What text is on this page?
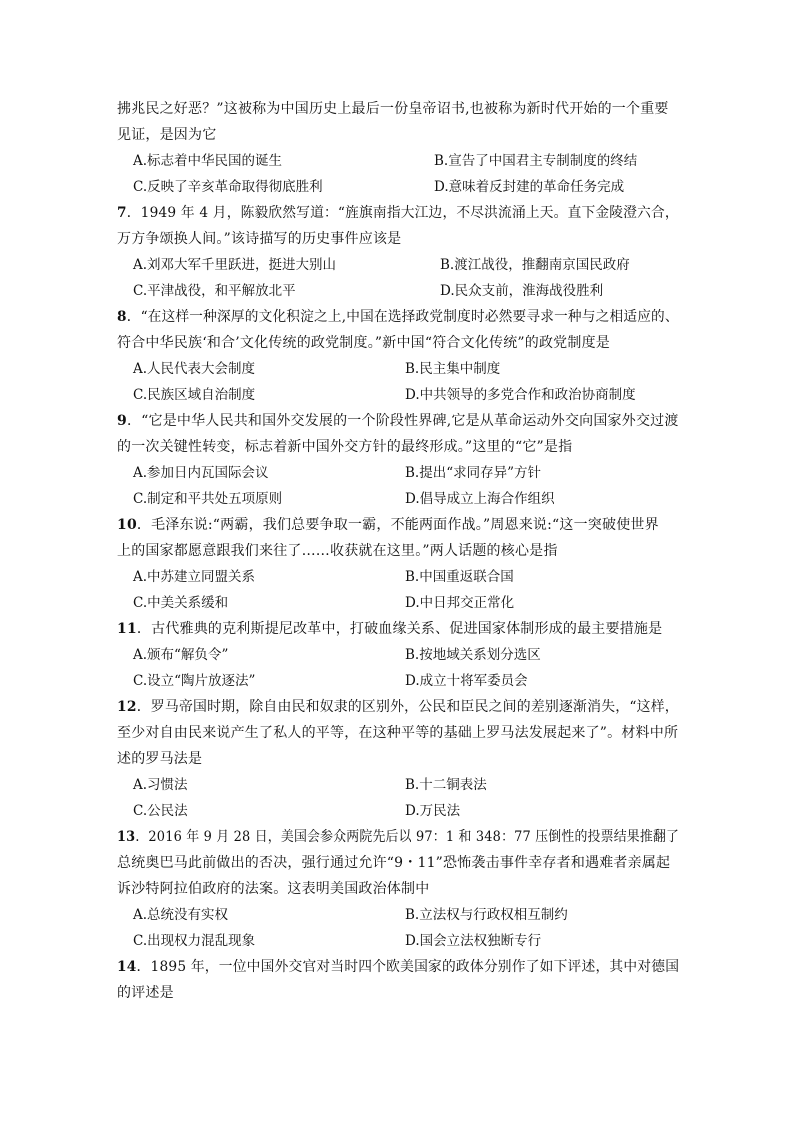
拂兆民之好恶？”这被称为中国历史上最后一份皇帝诏书,也被称为新时代开始的一个重要
见证，是因为它
A.标志着中华民国的诞生	B.宣告了中国君主专制制度的终结
C.反映了辛亥革命取得彻底胜利	D.意味着反封建的革命任务完成
7．1949 年 4 月，陈毅欣然写道：“旌旗南指大江边，不尽洪流涌上天。直下金陵澄六合，
万方争颂换人间。”该诗描写的历史事件应该是
A.刘邓大军千里跃进，挺进大别山	B.渡江战役，推翻南京国民政府
C.平津战役，和平解放北平	D.民众支前，淮海战役胜利
8．“在这样一种深厚的文化积淀之上,中国在选择政党制度时必然要寻求一种与之相适应的、
符合中华民族‘和合’文化传统的政党制度。”新中国“符合文化传统”的政党制度是
A.人民代表大会制度	B.民主集中制度
C.民族区域自治制度	D.中共领导的多党合作和政治协商制度
9．“它是中华人民共和国外交发展的一个阶段性界碑,它是从革命运动外交向国家外交过渡
的一次关键性转变，标志着新中国外交方针的最终形成。”这里的“它”是指
A.参加日内瓦国际会议	B.提出“求同存异”方针
C.制定和平共处五项原则	D.倡导成立上海合作组织
10．毛泽东说:“两霸，我们总要争取一霸，不能两面作战。”周恩来说:“这一突破使世界
上的国家都愿意跟我们来往了……收获就在这里。”两人话题的核心是指
A.中苏建立同盟关系	B.中国重返联合国
C.中美关系缓和	D.中日邦交正常化
11．古代雅典的克利斯提尼改革中，打破血缘关系、促进国家体制形成的最主要措施是
A.颁布“解负令”	B.按地域关系划分选区
C.设立“陶片放逐法”	D.成立十将军委员会
12．罗马帝国时期，除自由民和奴隶的区别外，公民和臣民之间的差别逐渐消失，“这样，
至少对自由民来说产生了私人的平等，在这种平等的基础上罗马法发展起来了”。材料中所
述的罗马法是
A.习惯法	B.十二铜表法
C.公民法	D.万民法
13．2016 年 9 月 28 日，美国会参众两院先后以 97：1 和 348：77 压倒性的投票结果推翻了
总统奥巴马此前做出的否决，强行通过允许“9・11”恐怖袭击事件幸存者和遇难者亲属起
诉沙特阿拉伯政府的法案。这表明美国政治体制中
A.总统没有实权	B.立法权与行政权相互制约
C.出现权力混乱现象	D.国会立法权独断专行
14．1895 年，一位中国外交官对当时四个欧美国家的政体分别作了如下评述，其中对德国
的评述是
